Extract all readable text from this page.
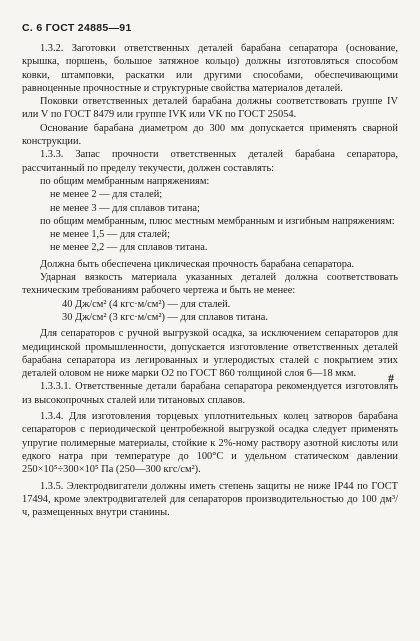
С. 6 ГОСТ 24885—91

1.3.2. Заготовки ответственных деталей барабана сепаратора (основание, крышка, поршень, большое затяжное кольцо) должны изготовляться способом ковки, штамповки, раскатки или другими способами, обеспечивающими равноценные прочностные и структурные свойства материалов деталей.

Поковки ответственных деталей барабана должны соответствовать группе IV или V по ГОСТ 8479 или группе IVК или VК по ГОСТ 25054.

Основание барабана диаметром до 300 мм допускается применять сварной конструкции.

1.3.3. Запас прочности ответственных деталей барабана сепаратора, рассчитанный по пределу текучести, должен составлять:

по общим мембранным напряжениям:

не менее 2 — для сталей;

не менее 3 — для сплавов титана;

по общим мембранным, плюс местным мембранным и изгибным напряжениям:

не менее 1,5 — для сталей;

не менее 2,2 — для сплавов титана.

Должна быть обеспечена циклическая прочность барабана сепаратора.

Ударная вязкость материала указанных деталей должна соответствовать техническим требованиям рабочего чертежа и быть не менее:

40 Дж/см² (4 кгс·м/см²) — для сталей.

30 Дж/см² (3 кгс·м/см²) — для сплавов титана.

Для сепараторов с ручной выгрузкой осадка, за исключением сепараторов для медицинской промышленности, допускается изготовление ответственных деталей барабана сепаратора из легированных и углеродистых сталей с покрытием этих деталей оловом не ниже марки О2 по ГОСТ 860 толщиной слоя 6—18 мкм.

1.3.3.1. Ответственные детали барабана сепаратора рекомендуется изготовлять из высокопрочных сталей или титановых сплавов.

1.3.4. Для изготовления торцевых уплотнительных колец затворов барабана сепараторов с периодической центробежной выгрузкой осадка следует применять упругие полимерные материалы, стойкие к 2%-ному раствору азотной кислоты или едкого натра при температуре до 100°С и удельном статическом давлении 250×10⁵÷300×10⁵ Па (250—300 кгс/см²).

1.3.5. Электродвигатели должны иметь степень защиты не ниже IP44 по ГОСТ 17494, кроме электродвигателей для сепараторов производительностью до 100 дм³/ч, размещенных внутри станины.

#
